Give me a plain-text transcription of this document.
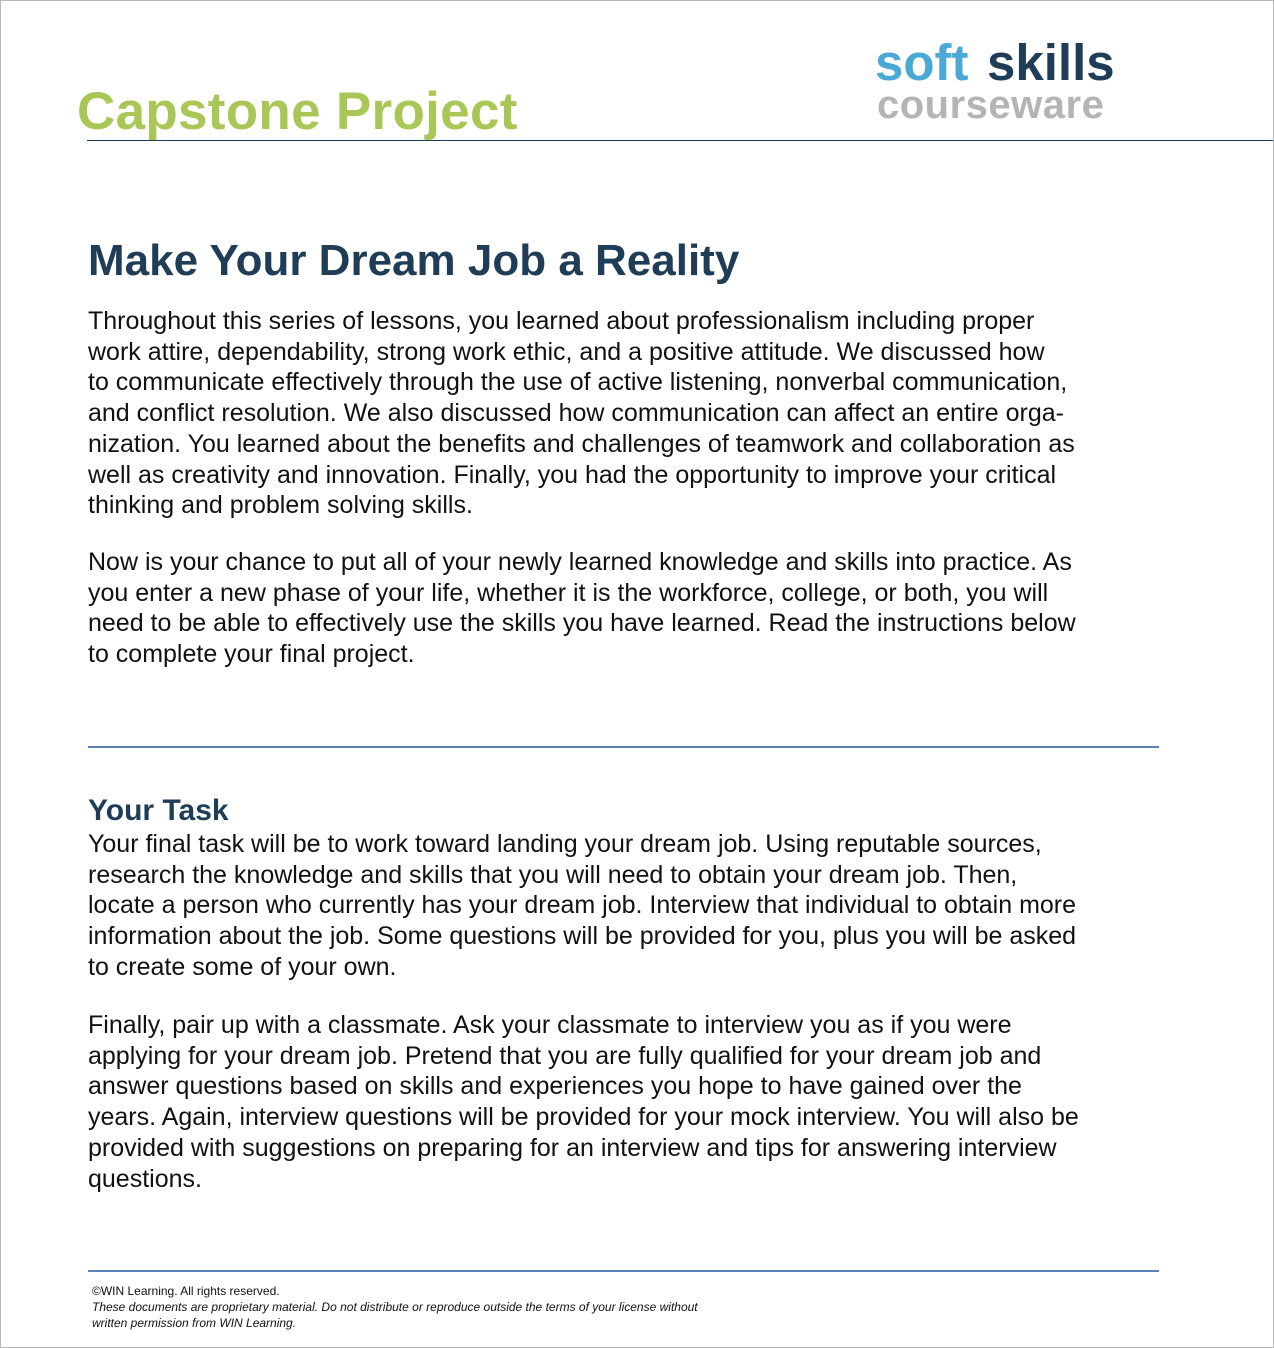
Capstone Project
soft skills
courseware
Make Your Dream Job a Reality

Throughout this series of lessons, you learned about professionalism including proper
work attire, dependability, strong work ethic, and a positive attitude. We discussed how
to communicate effectively through the use of active listening, nonverbal communication,
and conflict resolution. We also discussed how communication can affect an entire orga-
nization. You learned about the benefits and challenges of teamwork and collaboration as
well as creativity and innovation. Finally, you had the opportunity to improve your critical
thinking and problem solving skills.

Now is your chance to put all of your newly learned knowledge and skills into practice. As
you enter a new phase of your life, whether it is the workforce, college, or both, you will
need to be able to effectively use the skills you have learned. Read the instructions below
to complete your final project.

Your Task

Your final task will be to work toward landing your dream job. Using reputable sources,
research the knowledge and skills that you will need to obtain your dream job. Then,
locate a person who currently has your dream job. Interview that individual to obtain more
information about the job. Some questions will be provided for you, plus you will be asked
to create some of your own.

Finally, pair up with a classmate. Ask your classmate to interview you as if you were
applying for your dream job. Pretend that you are fully qualified for your dream job and
answer questions based on skills and experiences you hope to have gained over the
years. Again, interview questions will be provided for your mock interview. You will also be
provided with suggestions on preparing for an interview and tips for answering interview
questions.

©WIN Learning. All rights reserved.
These documents are proprietary material. Do not distribute or reproduce outside the terms of your license without
written permission from WIN Learning.
